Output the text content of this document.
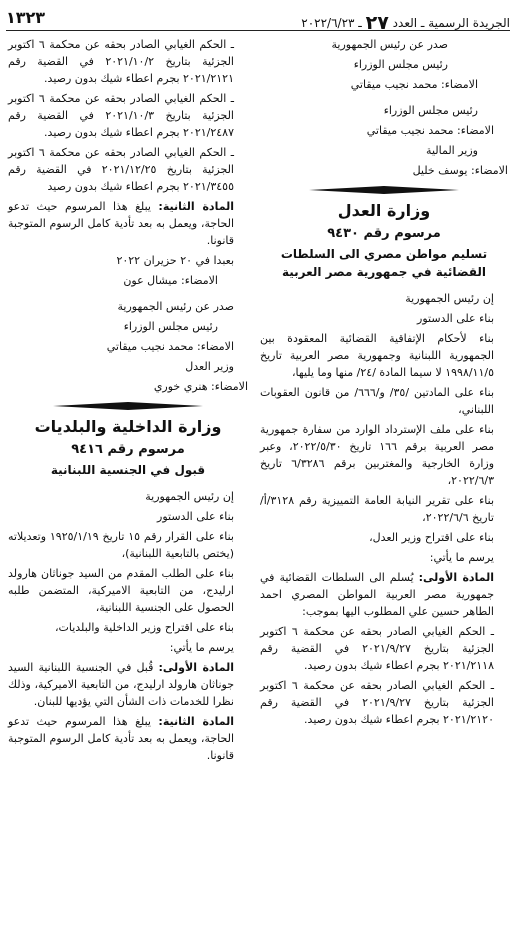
الجريدة الرسمية ـ العدد ٢٧ ـ ٢٠٢٢/٦/٢٣
١٣٢٣

صدر عن رئيس الجمهورية

رئيس مجلس الوزراء

الامضاء: محمد نجيب ميقاتي

رئيس مجلس الوزراء

الامضاء: محمد نجيب ميقاتي

وزير المالية

الامضاء: يوسف خليل

وزارة العدل

مرسوم رقم ٩٤٣٠

تسليم مواطن مصري الى السلطات القضائية في جمهورية مصر العربية

إن رئيس الجمهورية

بناء على الدستور

بناء لأحكام الإتفاقية القضائية المعقودة بين الجمهورية اللبنانية وجمهورية مصر العربية تاريخ ١٩٩٨/١١/٥ لا سيما المادة /٢٤/ منها وما يليها،

بناء على المادتين /٣٥/ و/٦٦٦/ من قانون العقوبات اللبناني،

بناء على ملف الإسترداد الوارد من سفارة جمهورية مصر العربية برقم ١٦٦ تاريخ ٢٠٢٢/٥/٣٠، وعبر وزارة الخارجية والمغتربين برقم ٦/٣٢٨٦ تاريخ ٢٠٢٢/٦/٣،

بناء على تقرير النيابة العامة التمييزية رقم ٣١٢٨/أ/ تاريخ ٢٠٢٢/٦/٦،

بناء على اقتراح وزير العدل،

يرسم ما يأتي:

المادة الأولى: يُسلم الى السلطات القضائية في جمهورية مصر العربية المواطن المصري احمد الطاهر حسين علي المطلوب اليها بموجب:

ـ الحكم الغيابي الصادر بحقه عن محكمة ٦ اكتوبر الجزئية بتاريخ ٢٠٢١/٩/٢٧ في القضية رقم ٢٠٢١/٢١١٨ بجرم اعطاء شيك بدون رصيد.

ـ الحكم الغيابي الصادر بحقه عن محكمة ٦ اكتوبر الجزئية بتاريخ ٢٠٢١/٩/٢٧ في القضية رقم ٢٠٢١/٢١٢٠ بجرم اعطاء شيك بدون رصيد.

ـ الحكم الغيابي الصادر بحقه عن محكمة ٦ اكتوبر الجزئية بتاريخ ٢٠٢١/١٠/٢ في القضية رقم ٢٠٢١/٢١٢١ بجرم اعطاء شيك بدون رصيد.

ـ الحكم الغيابي الصادر بحقه عن محكمة ٦ اكتوبر الجزئية بتاريخ ٢٠٢١/١٠/٣ في القضية رقم ٢٠٢١/٢٤٨٧ بجرم اعطاء شيك بدون رصيد.

ـ الحكم الغيابي الصادر بحقه عن محكمة ٦ اكتوبر الجزئية بتاريخ ٢٠٢١/١٢/٢٥ في القضية رقم ٢٠٢١/٣٤٥٥ بجرم اعطاء شيك بدون رصيد

المادة الثانية: يبلغ هذا المرسوم حيث تدعو الحاجة، ويعمل به بعد تأدية كامل الرسوم المتوجبة قانونا.

بعبدا في ٢٠ حزيران ٢٠٢٢

الامضاء: ميشال عون

صدر عن رئيس الجمهورية

رئيس مجلس الوزراء

الامضاء: محمد نجيب ميقاتي

وزير العدل

الامضاء: هنري خوري

وزارة الداخلية والبلديات

مرسوم رقم ٩٤١٦

قبول في الجنسية اللبنانية

إن رئيس الجمهورية

بناء على الدستور

بناء على القرار رقم ١٥ تاريخ ١٩٢٥/١/١٩ وتعديلاته (يختص بالتابعية اللبنانية)،

بناء على الطلب المقدم من السيد جوناثان هارولد ارليدج، من التابعية الاميركية، المتضمن طلبه الحصول على الجنسية اللبنانية،

بناء على اقتراح وزير الداخلية والبلديات،

يرسم ما يأتي:

المادة الأولى: قُبل في الجنسية اللبنانية السيد جوناثان هارولد ارليدج، من التابعية الاميركية، وذلك نظرا للخدمات ذات الشأن التي يؤديها للبنان.

المادة الثانية: يبلغ هذا المرسوم حيث تدعو الحاجة، ويعمل به بعد تأدية كامل الرسوم المتوجبة قانونا.
